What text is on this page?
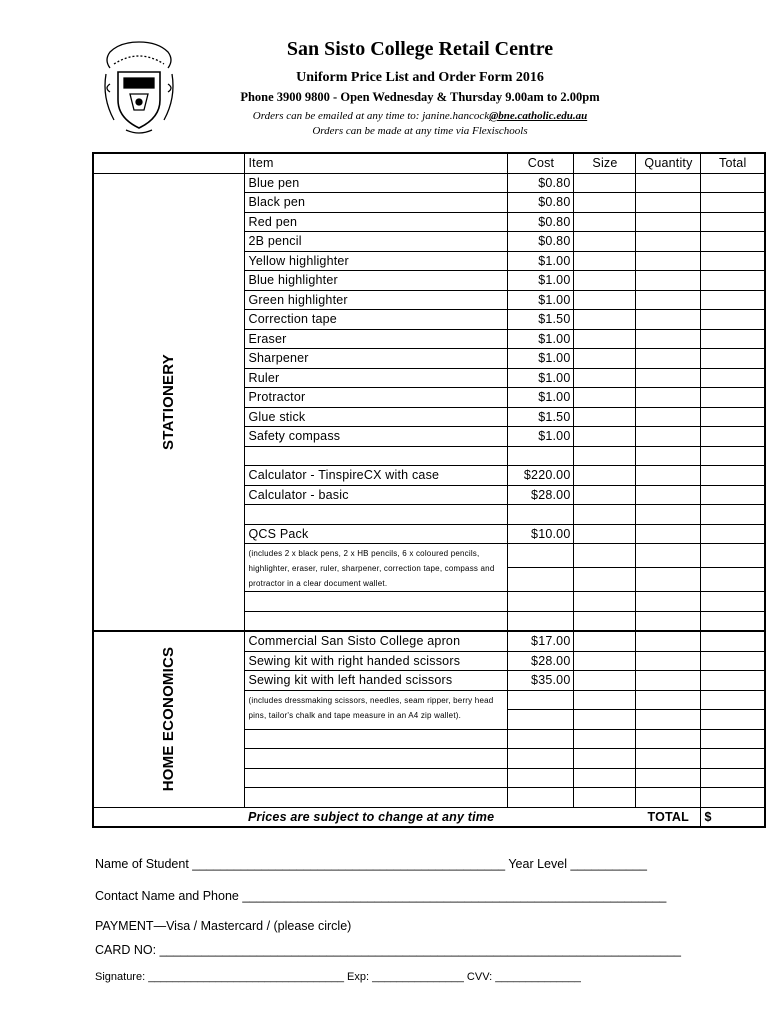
San Sisto College Retail Centre
Uniform Price List and Order Form 2016
Phone 3900 9800 - Open Wednesday & Thursday 9.00am to 2.00pm
Orders can be emailed at any time to: janine.hancock@bne.catholic.edu.au
Orders can be made at any time via Flexischools
	Item	Cost	Size	Quantity	Total
STATIONERY	Blue pen	$0.80			
	Black pen	$0.80			
	Red pen	$0.80			
	2B pencil	$0.80			
	Yellow highlighter	$1.00			
	Blue highlighter	$1.00			
	Green highlighter	$1.00			
	Correction tape	$1.50			
	Eraser	$1.00			
	Sharpener	$1.00			
	Ruler	$1.00			
	Protractor	$1.00			
	Glue stick	$1.50			
	Safety compass	$1.00			

	Calculator - TinspireCX with case	$220.00			
	Calculator - basic	$28.00			

	QCS Pack	$10.00			
	(includes 2 x black pens, 2 x HB pencils, 6 x coloured pencils, highlighter, eraser, ruler, sharpener, correction tape, compass and protractor in a clear document wallet.				

HOME ECONOMICS	Commercial San Sisto College apron	$17.00			
	Sewing kit with right handed scissors	$28.00			
	Sewing kit with left handed scissors	$35.00			
	(includes dressmaking scissors, needles, seam ripper, berry head pins, tailor's chalk and tape measure in an A4 zip wallet).				

	Prices are subject to change at any time			TOTAL	$
Name of Student _____________________________________________ Year Level ___________
Contact Name and Phone _____________________________________________________________
PAYMENT—Visa / Mastercard / (please circle)
CARD NO: ___________________________________________________________________________
Signature: ________________________________ Exp: _______________ CVV: ______________
